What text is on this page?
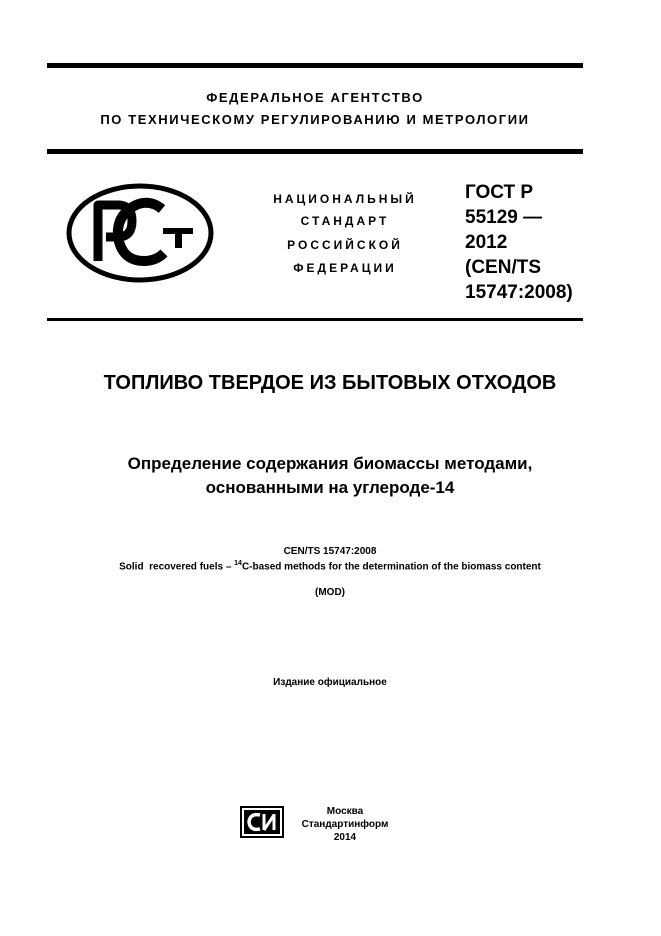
ФЕДЕРАЛЬНОЕ АГЕНТСТВО
ПО ТЕХНИЧЕСКОМУ РЕГУЛИРОВАНИЮ И МЕТРОЛОГИИ
НАЦИОНАЛЬНЫЙ
СТАНДАРТ
РОССИЙСКОЙ
ФЕДЕРАЦИИ
ГОСТ Р
55129 —
2012
(CEN/TS
15747:2008)
ТОПЛИВО ТВЕРДОЕ ИЗ БЫТОВЫХ ОТХОДОВ
Определение содержания биомассы методами,
основанными на углероде-14
CEN/TS 15747:2008
Solid  recovered fuels – $^{14}$C-based methods for the determination of the biomass content
(MOD)
Издание официальное
Москва
Стандартинформ
2014
